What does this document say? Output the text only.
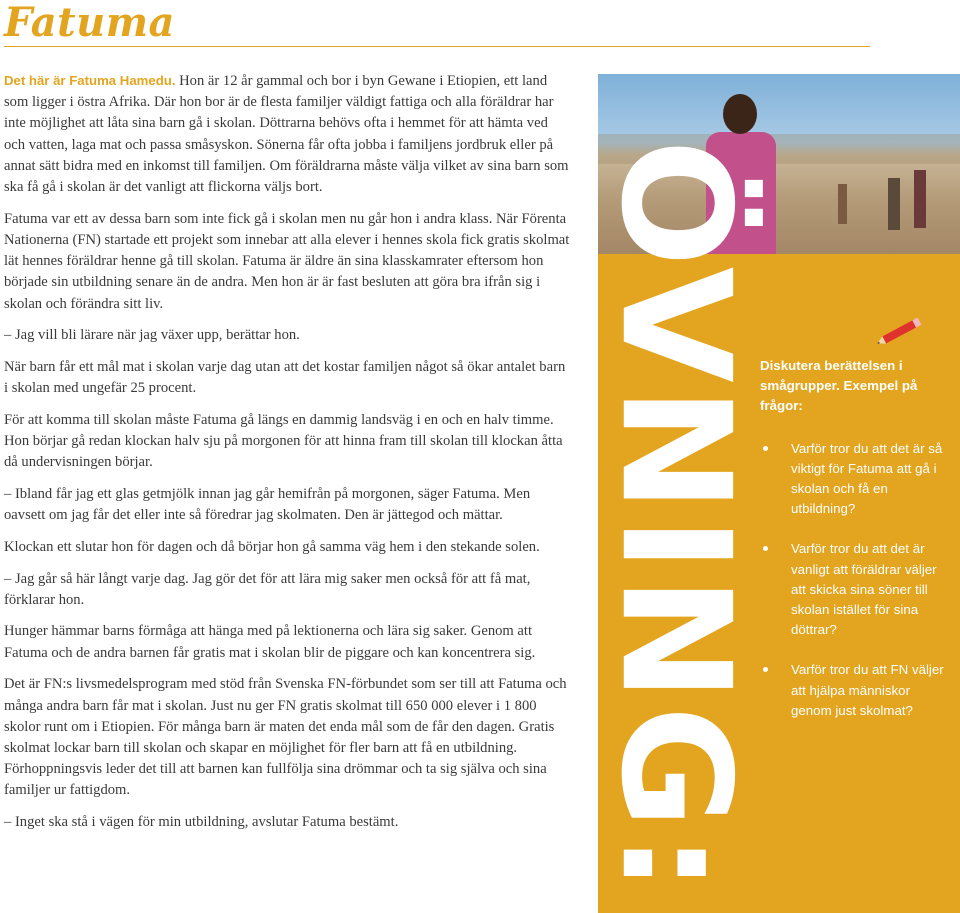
Fatuma

Det här är Fatuma Hamedu. Hon är 12 år gammal och bor i byn Gewane i Etiopien, ett land som ligger i östra Afrika. Där hon bor är de flesta familjer väldigt fattiga och alla föräldrar har inte möjlighet att låta sina barn gå i skolan. Döttrarna behövs ofta i hemmet för att hämta ved och vatten, laga mat och passa småsyskon. Sönerna får ofta jobba i familjens jordbruk eller på annat sätt bidra med en inkomst till familjen. Om föräldrarna måste välja vilket av sina barn som ska få gå i skolan är det vanligt att flickorna väljs bort.

Fatuma var ett av dessa barn som inte fick gå i skolan men nu går hon i andra klass. När Förenta Nationerna (FN) startade ett projekt som innebar att alla elever i hennes skola fick gratis skolmat lät hennes föräldrar henne gå till skolan. Fatuma är äldre än sina klasskamrater eftersom hon började sin utbildning senare än de andra. Men hon är är fast besluten att göra bra ifrån sig i skolan och förändra sitt liv.

– Jag vill bli lärare när jag växer upp, berättar hon.

När barn får ett mål mat i skolan varje dag utan att det kostar familjen något så ökar antalet barn i skolan med ungefär 25 procent.

För att komma till skolan måste Fatuma gå längs en dammig landsväg i en och en halv timme. Hon börjar gå redan klockan halv sju på morgonen för att hinna fram till skolan till klockan åtta då undervisningen börjar.

– Ibland får jag ett glas getmjölk innan jag går hemifrån på morgonen, säger Fatuma. Men oavsett om jag får det eller inte så föredrar jag skolmaten. Den är jättegod och mättar.

Klockan ett slutar hon för dagen och då börjar hon gå samma väg hem i den stekande solen.

– Jag går så här långt varje dag. Jag gör det för att lära mig saker men också för att få mat, förklarar hon.

Hunger hämmar barns förmåga att hänga med på lektionerna och lära sig saker. Genom att Fatuma och de andra barnen får gratis mat i skolan blir de piggare och kan koncentrera sig.

Det är FN:s livsmedelsprogram med stöd från Svenska FN-förbundet som ser till att Fatuma och många andra barn får mat i skolan. Just nu ger FN gratis skolmat till 650 000 elever i 1 800 skolor runt om i Etiopien. För många barn är maten det enda mål som de får den dagen. Gratis skolmat lockar barn till skolan och skapar en möjlighet för fler barn att få en utbildning. Förhoppningsvis leder det till att barnen kan fullfölja sina drömmar och ta sig själva och sina familjer ur fattigdom.

– Inget ska stå i vägen för min utbildning, avslutar Fatuma bestämt.	ÖVNING:
Diskutera berättelsen i smågrupper. Exempel på frågor:
Varför tror du att det är så viktigt för Fatuma att gå i skolan och få en utbildning?
Varför tror du att det är vanligt att föräldrar väljer att skicka sina söner till skolan istället för sina döttrar?
Varför tror du att FN väljer att hjälpa människor genom just skolmat?
